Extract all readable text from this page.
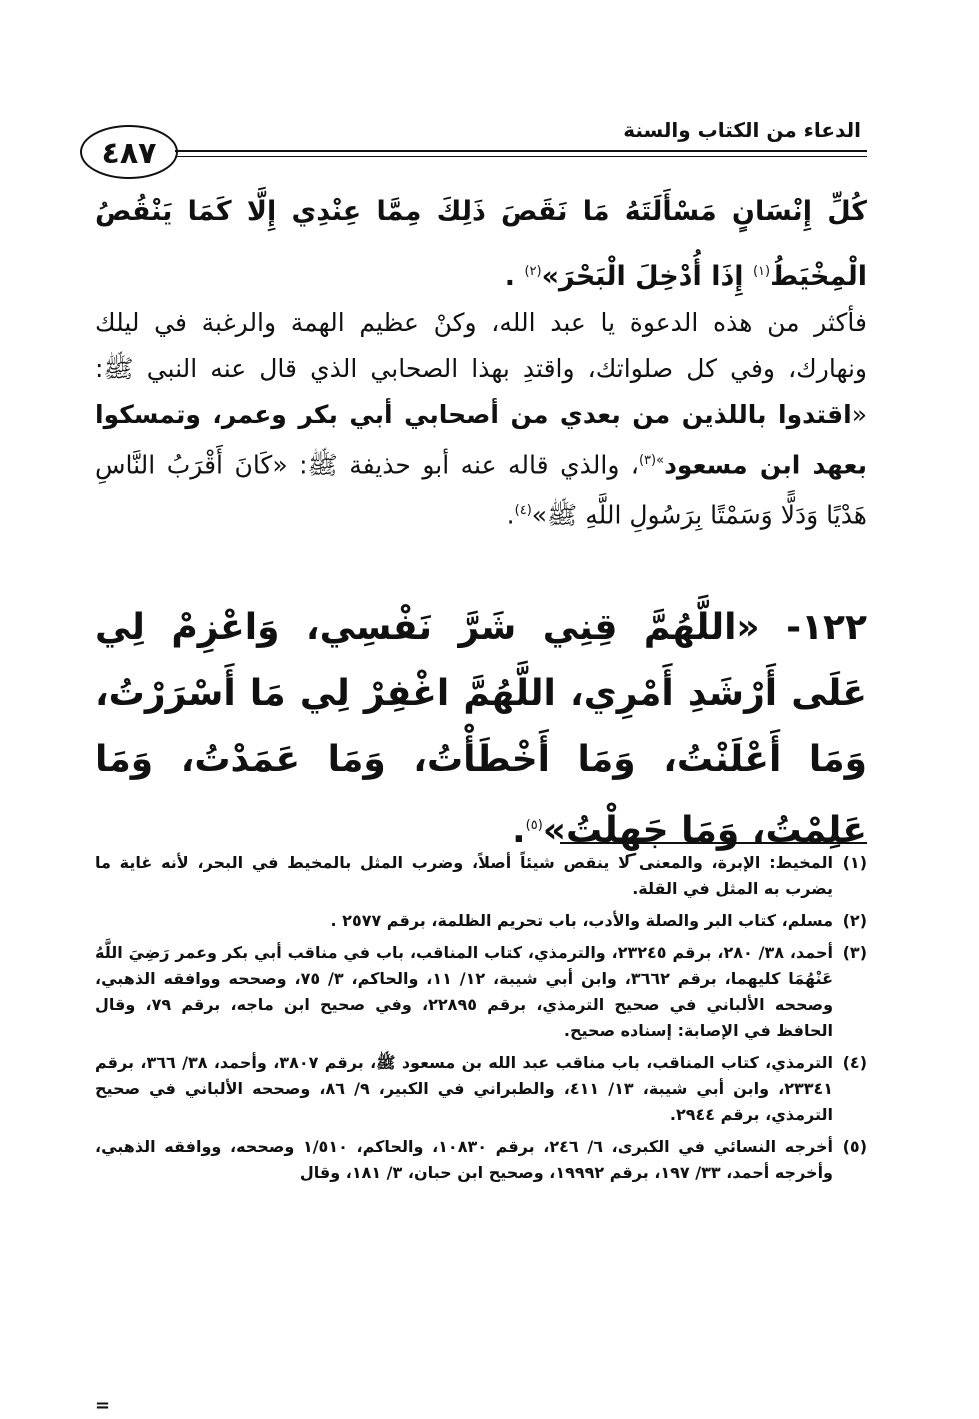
الدعاء من الكتاب والسنة
٤٨٧
كُلِّ إِنْسَانٍ مَسْأَلَتَهُ مَا نَقَصَ ذَلِكَ مِمَّا عِنْدِي إِلَّا كَمَا يَنْقُصُ الْمِخْيَطُ$^{(١)}$ إِذَا أُدْخِلَ الْبَحْرَ»$^{(٢)}$ .
فأكثر من هذه الدعوة يا عبد الله، وكنْ عظيم الهمة والرغبة في ليلك ونهارك، وفي كل صلواتك، واقتدِ بهذا الصحابي الذي قال عنه النبي ﷺ: «اقتدوا باللذين من بعدي من أصحابي أبي بكر وعمر، وتمسكوا بعهد ابن مسعود$^{»(٣)}$، والذي قاله عنه أبو حذيفة ﷺ: «كَانَ أَقْرَبُ النَّاسِ هَدْيًا وَدَلًّا وَسَمْتًا بِرَسُولِ اللَّهِ ﷺ»$^{(٤)}$.
١٢٢- «اللَّهُمَّ قِنِي شَرَّ نَفْسِي، وَاعْزِمْ لِي عَلَى أَرْشَدِ أَمْرِي، اللَّهُمَّ اغْفِرْ لِي مَا أَسْرَرْتُ، وَمَا أَعْلَنْتُ، وَمَا أَخْطَأْتُ، وَمَا عَمَدْتُ، وَمَا عَلِمْتُ، وَمَا جَهِلْتُ»$^{(٥)}$.
(١)
المخيط: الإبرة، والمعنى لا ينقص شيئاً أصلاً، وضرب المثل بالمخيط في البحر، لأنه غاية ما يضرب به المثل في القلة.
(٢)
مسلم، كتاب البر والصلة والأدب، باب تحريم الظلمة، برقم ٢٥٧٧ .
(٣)
أحمد، ٣٨/ ٢٨٠، برقم ٢٣٢٤٥، والترمذي، كتاب المناقب، باب في مناقب أبي بكر وعمر رَضِيَ اللَّهُ عَنْهُمَا كليهما، برقم ٣٦٦٢، وابن أبي شيبة، ١٢/ ١١، والحاكم، ٣/ ٧٥، وصححه ووافقه الذهبي، وصححه الألباني في صحيح الترمذي، برقم ٢٢٨٩٥، وفي صحيح ابن ماجه، برقم ٧٩، وقال الحافظ في الإصابة: إسناده صحيح.
(٤)
الترمذي، كتاب المناقب، باب مناقب عبد الله بن مسعود ﷺ، برقم ٣٨٠٧، وأحمد، ٣٨/ ٣٦٦، برقم ٢٣٣٤١، وابن أبي شيبة، ١٣/ ٤١١، والطبراني في الكبير، ٩/ ٨٦، وصححه الألباني في صحيح الترمذي، برقم ٢٩٤٤.
(٥)
أخرجه النسائي في الكبرى، ٦/ ٢٤٦، برقم ١٠٨٣٠، والحاكم، ١/٥١٠ وصححه، ووافقه الذهبي، وأخرجه أحمد، ٣٣/ ١٩٧، برقم ١٩٩٩٢، وصحيح ابن حبان، ٣/ ١٨١، وقال
=
